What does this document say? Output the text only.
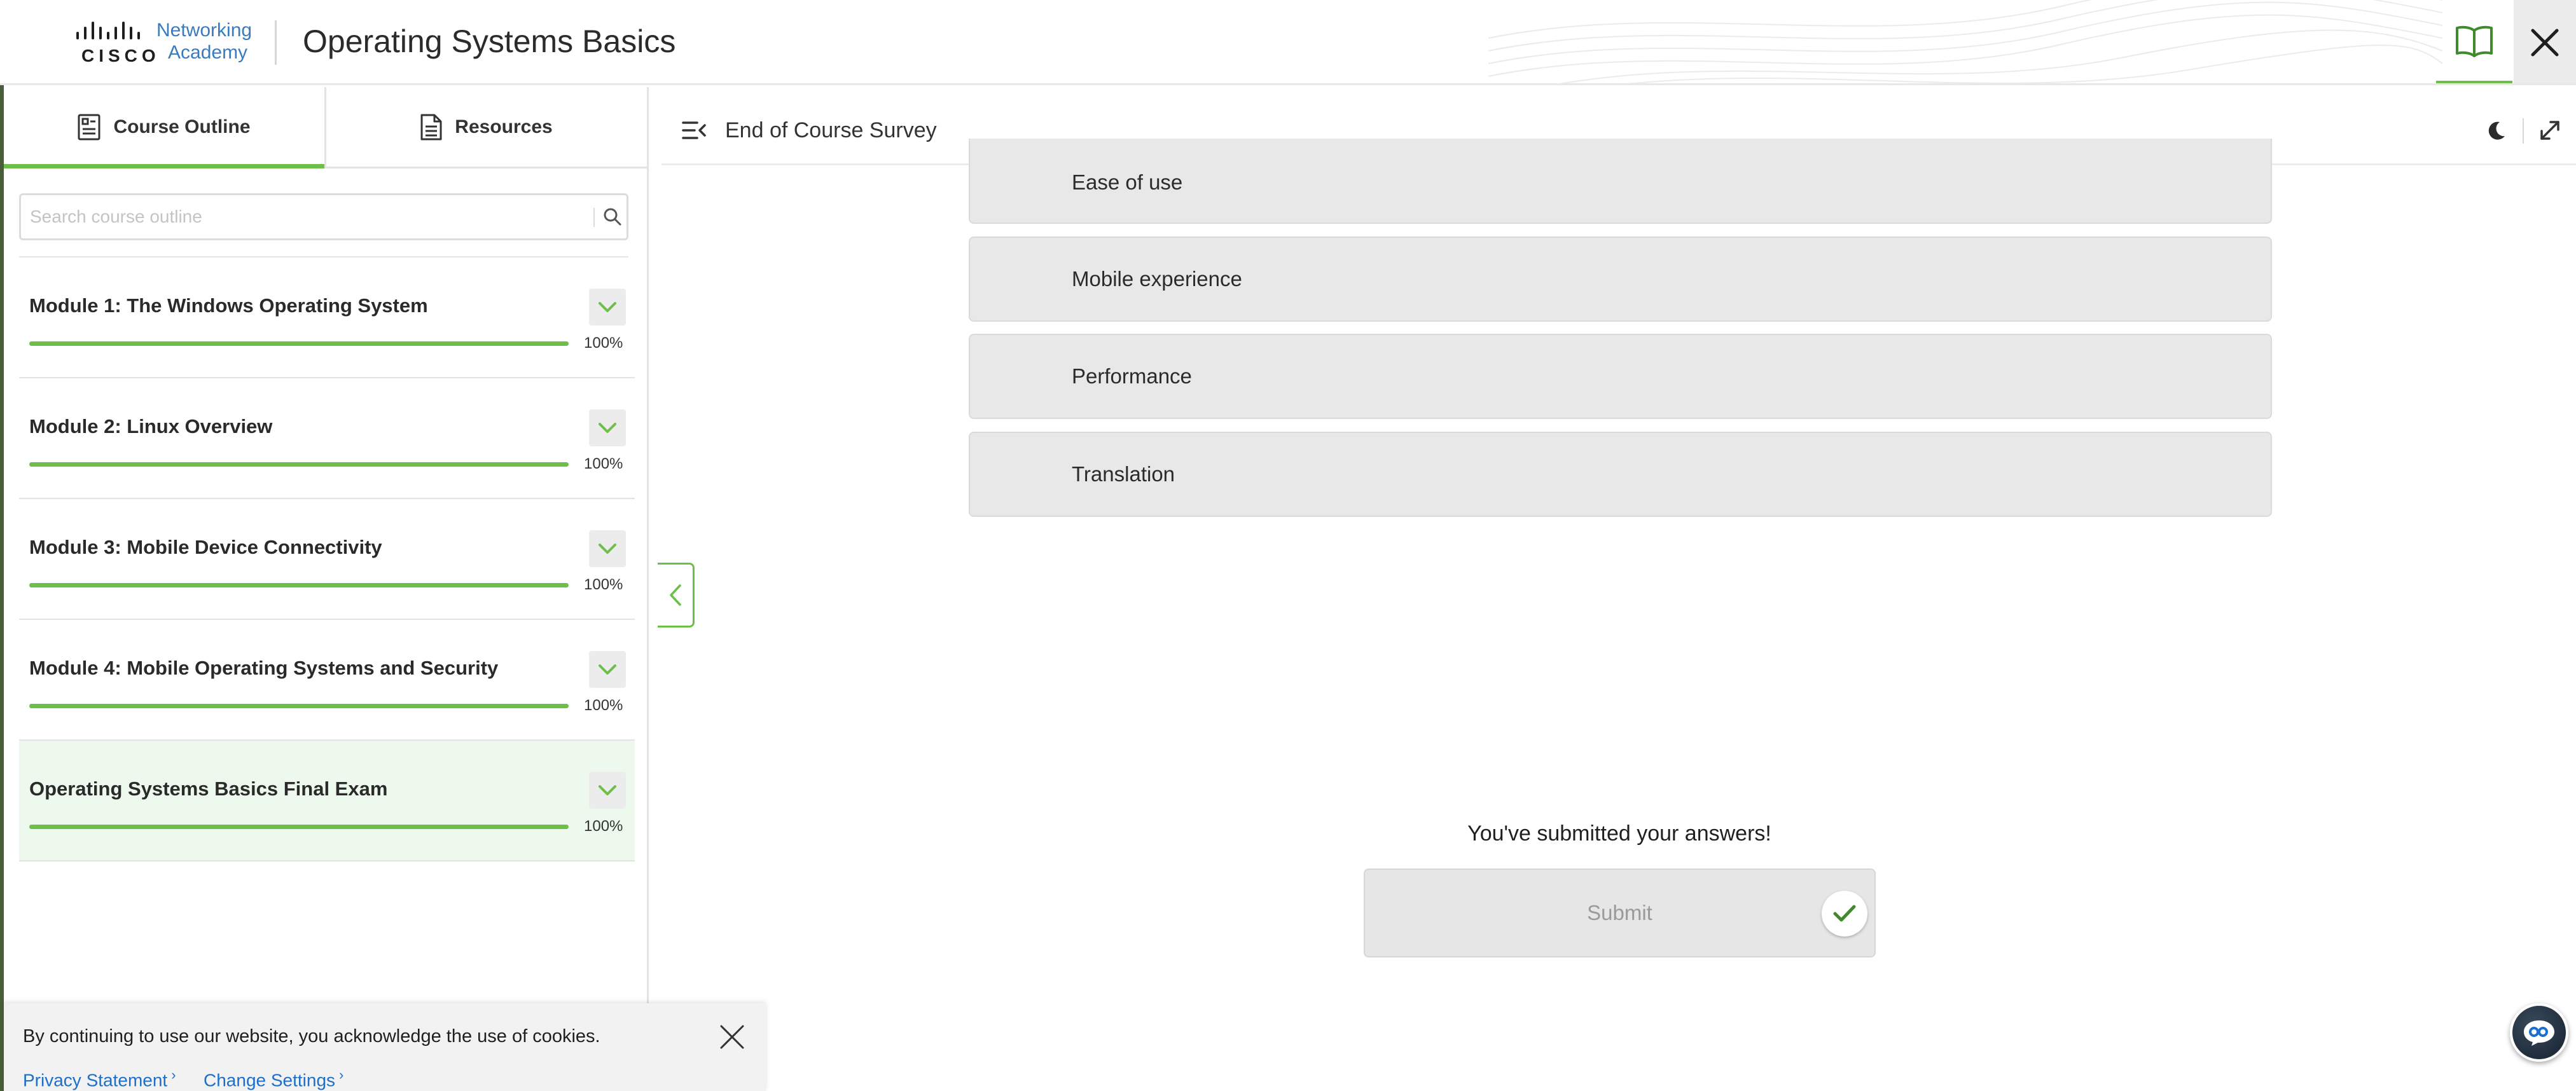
CISCO
Networking
Academy Operating Systems Basics
Course Outline	Resources
Search course outline
Module 1: The Windows Operating System
100%
Module 2: Linux Overview
100%
Module 3: Mobile Device Connectivity
100%
Module 4: Mobile Operating Systems and Security
100%
Operating Systems Basics Final Exam
100%
End of Course Survey
Ease of use
Mobile experience
Performance
Translation
You've submitted your answers!
Submit
By continuing to use our website, you acknowledge the use of cookies.
Privacy Statement › Change Settings ›
